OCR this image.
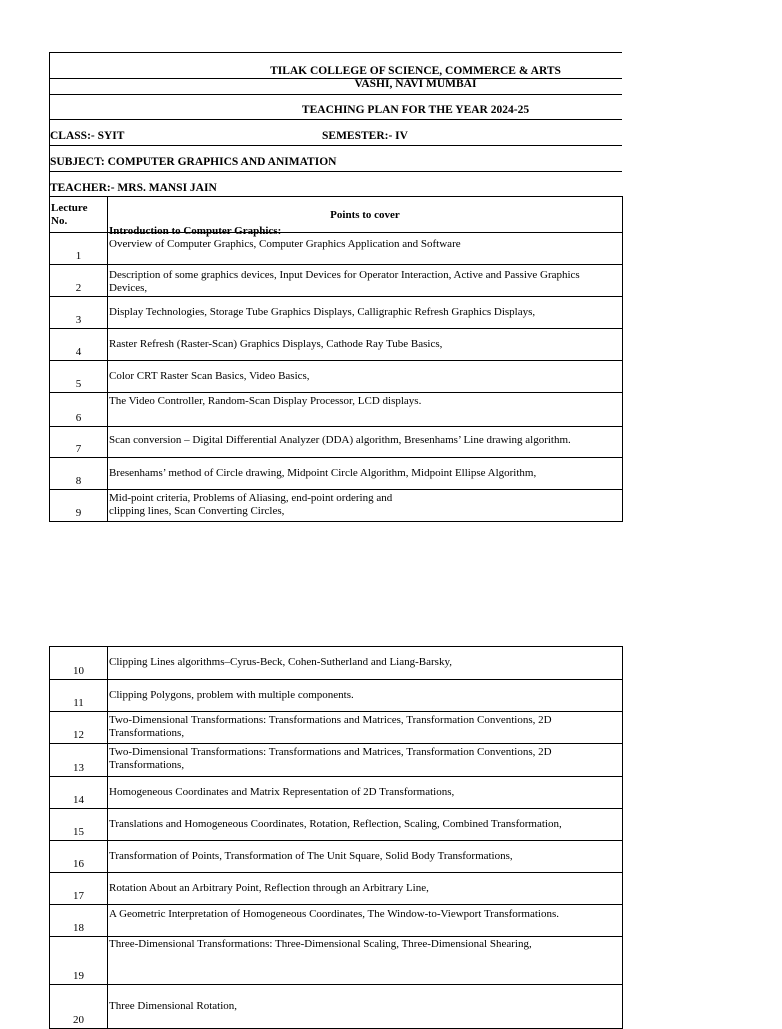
TILAK COLLEGE OF SCIENCE, COMMERCE & ARTS
VASHI, NAVI MUMBAI
TEACHING PLAN FOR THE YEAR 2024-25
CLASS:- SYIT	SEMESTER:- IV
SUBJECT: COMPUTER GRAPHICS AND ANIMATION
TEACHER:- MRS. MANSI JAIN
Lecture No.	Points to cover
1	Introduction to Computer Graphics:
Overview of Computer Graphics, Computer Graphics Application and Software

2	Description of some graphics devices, Input Devices for Operator Interaction, Active and Passive Graphics Devices,
3	Display Technologies, Storage Tube Graphics Displays, Calligraphic Refresh Graphics Displays,
4	Raster Refresh (Raster-Scan) Graphics Displays, Cathode Ray Tube Basics,
5	Color CRT Raster Scan Basics, Video Basics,
6	The Video Controller, Random-Scan Display Processor, LCD displays.
7	Scan conversion – Digital Differential Analyzer (DDA) algorithm, Bresenhams’ Line drawing algorithm.
8	Bresenhams’ method of Circle drawing, Midpoint Circle Algorithm, Midpoint Ellipse Algorithm,
9	Mid-point criteria, Problems of Aliasing, end-point ordering and
clipping lines, Scan Converting Circles,
10	Clipping Lines algorithms–Cyrus-Beck, Cohen-Sutherland and Liang-Barsky,
11	Clipping Polygons, problem with multiple components.
12	Two-Dimensional Transformations: Transformations and Matrices, Transformation Conventions, 2D Transformations,
13	Two-Dimensional Transformations: Transformations and Matrices, Transformation Conventions, 2D Transformations,
14	Homogeneous Coordinates and Matrix Representation of 2D Transformations,
15	Translations and Homogeneous Coordinates, Rotation, Reflection, Scaling, Combined Transformation,
16	Transformation of Points, Transformation of The Unit Square, Solid Body Transformations,
17	Rotation About an Arbitrary Point, Reflection through an Arbitrary Line,
18	A Geometric Interpretation of Homogeneous Coordinates, The Window-to-Viewport Transformations.
19	Three-Dimensional Transformations: Three-Dimensional Scaling, Three-Dimensional Shearing,
20	Three Dimensional Rotation,
